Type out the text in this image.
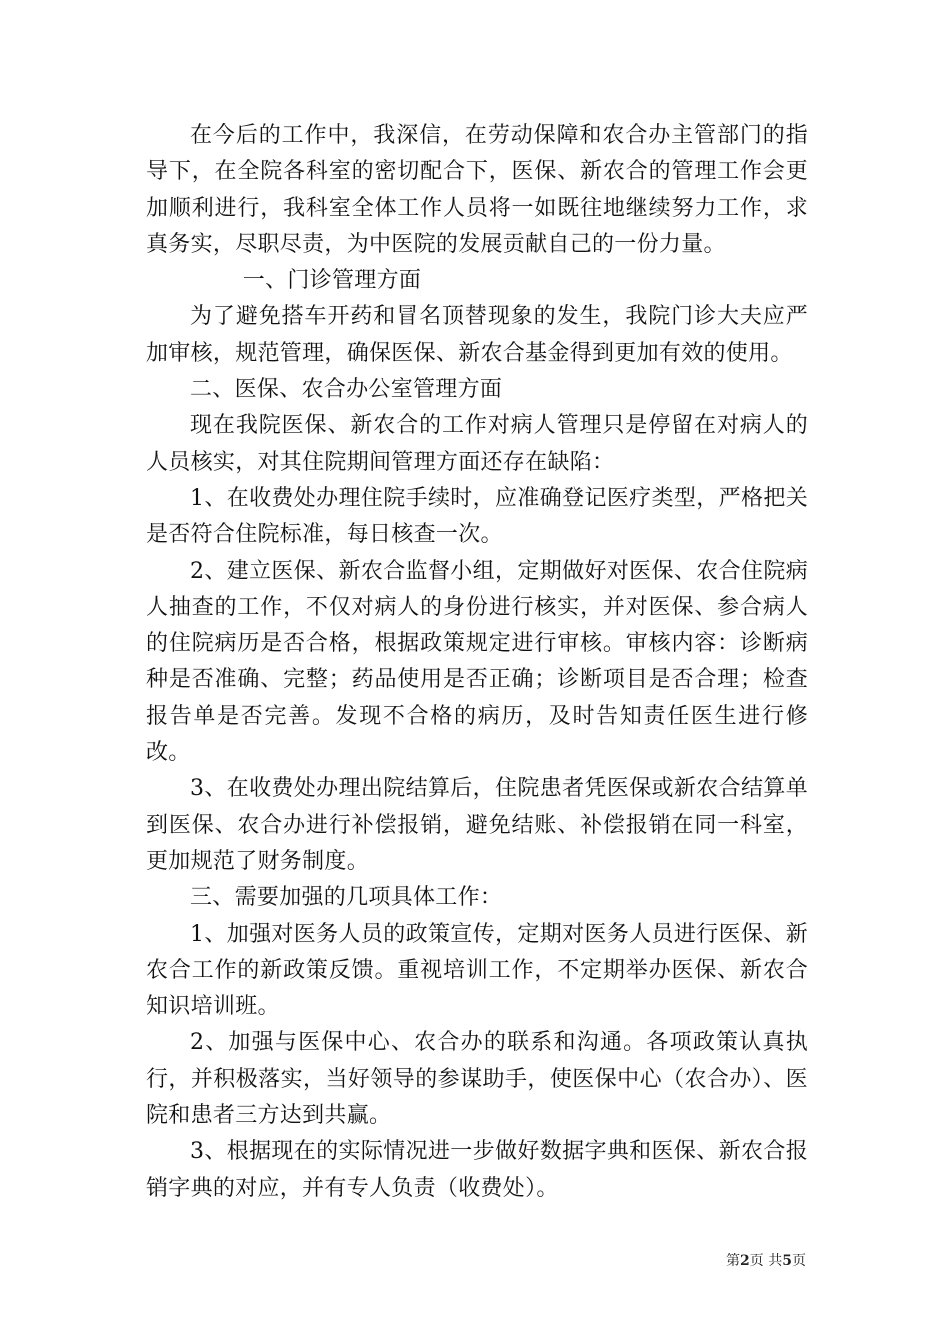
在今后的工作中，我深信，在劳动保障和农合办主管部门的指导下，在全院各科室的密切配合下，医保、新农合的管理工作会更加顺利进行，我科室全体工作人员将一如既往地继续努力工作，求真务实，尽职尽责，为中医院的发展贡献自己的一份力量。

一、门诊管理方面

为了避免搭车开药和冒名顶替现象的发生，我院门诊大夫应严加审核，规范管理，确保医保、新农合基金得到更加有效的使用。

二、医保、农合办公室管理方面

现在我院医保、新农合的工作对病人管理只是停留在对病人的人员核实，对其住院期间管理方面还存在缺陷：

1、在收费处办理住院手续时，应准确登记医疗类型，严格把关是否符合住院标准，每日核查一次。

2、建立医保、新农合监督小组，定期做好对医保、农合住院病人抽查的工作，不仅对病人的身份进行核实，并对医保、参合病人的住院病历是否合格，根据政策规定进行审核。审核内容：诊断病种是否准确、完整；药品使用是否正确；诊断项目是否合理；检查报告单是否完善。发现不合格的病历，及时告知责任医生进行修改。

3、在收费处办理出院结算后，住院患者凭医保或新农合结算单到医保、农合办进行补偿报销，避免结账、补偿报销在同一科室，更加规范了财务制度。

三、需要加强的几项具体工作：

1、加强对医务人员的政策宣传，定期对医务人员进行医保、新农合工作的新政策反馈。重视培训工作，不定期举办医保、新农合知识培训班。

2、加强与医保中心、农合办的联系和沟通。各项政策认真执行，并积极落实，当好领导的参谋助手，使医保中心（农合办）、医院和患者三方达到共赢。

3、根据现在的实际情况进一步做好数据字典和医保、新农合报销字典的对应，并有专人负责（收费处）。

第2页 共5页
